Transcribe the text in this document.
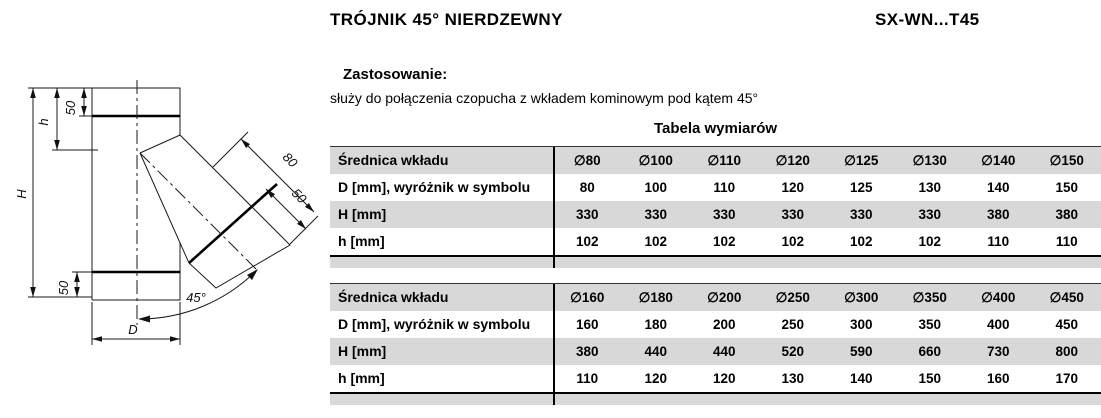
50
h
H
50
D
80
50
45°
TRÓJNIK 45° NIERDZEWNY	SX-WN...T45
Zastosowanie:
służy do połączenia czopucha z wkładem kominowym pod kątem 45°
Tabela wymiarów
Średnica wkładu	∅80	∅100	∅110	∅120	∅125	∅130	∅140	∅150
D [mm], wyróżnik w symbolu	80	100	110	120	125	130	140	150
H [mm]	330	330	330	330	330	330	380	380
h [mm]	102	102	102	102	102	102	110	110
Średnica wkładu	∅160	∅180	∅200	∅250	∅300	∅350	∅400	∅450
D [mm], wyróżnik w symbolu	160	180	200	250	300	350	400	450
H [mm]	380	440	440	520	590	660	730	800
h [mm]	110	120	120	130	140	150	160	170
